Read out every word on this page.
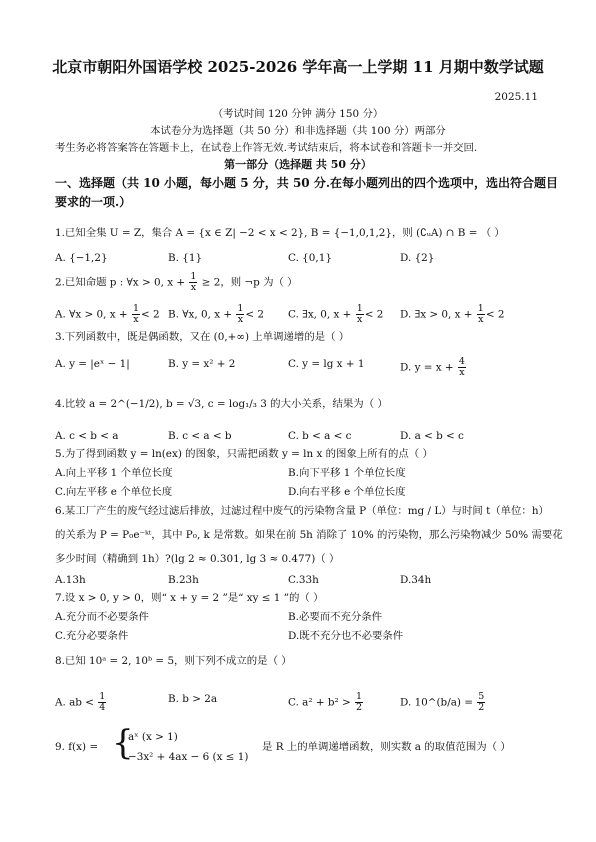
北京市朝阳外国语学校 2025-2026 学年高一上学期 11 月期中数学试题
2025.11
（考试时间 120 分钟 满分 150 分）
本试卷分为选择题（共 50 分）和非选择题（共 100 分）两部分
考生务必将答案答在答题卡上，在试卷上作答无效.考试结束后，将本试卷和答题卡一并交回.
第一部分（选择题 共 50 分）
一、选择题（共 10 小题，每小题 5 分，共 50 分.在每小题列出的四个选项中，选出符合题目
要求的一项.）
1.已知全集 U = Z，集合 A = {x ∈ Z| −2 < x < 2}, B = {−1,0,1,2}，则 (∁ᵤA) ∩ B = （ ）
A. {−1,2}	B. {1}	C. {0,1}	D. {2}
2.已知命题 p : ∀x > 0, $x + \frac{1}{x} \ge 2$，则 ¬p 为（ ）
A. ∀x > 0, $x + \frac{1}{x} < 2$ B. ∀x, 0, $x + \frac{1}{x} < 2$ C. ∃x, 0, $x + \frac{1}{x} < 2$ D. ∃x > 0, $x + \frac{1}{x} < 2$
3.下列函数中，既是偶函数，又在 (0,+∞) 上单调递增的是（ ）
A. y = |eˣ − 1|	B. y = x² + 2	C. y = lg x + 1	D. $y = x + \frac{4}{x}$
4.比较 a = 2^(−1/2), b = √3, c = log₁/₃ 3 的大小关系，结果为（ ）
A. c < b < a	B. c < a < b	C. b < a < c	D. a < b < c
5.为了得到函数 y = ln(ex) 的图象，只需把函数 y = ln x 的图象上所有的点（ ）
A.向上平移 1 个单位长度	B.向下平移 1 个单位长度
C.向左平移 e 个单位长度	D.向右平移 e 个单位长度
6.某工厂产生的废气经过滤后排放，过滤过程中废气的污染物含量 P（单位：mg / L）与时间 t（单位：h）
的关系为 P = P₀e⁻ᵏᵗ，其中 P₀, k 是常数。如果在前 5h 消除了 10% 的污染物，那么污染物减少 50% 需要花
多少时间（精确到 1h）?(lg 2 ≈ 0.301, lg 3 ≈ 0.477)（ ）
A.13h	B.23h	C.33h	D.34h
7.设 x > 0, y > 0，则“ x + y = 2 ”是“ xy ≤ 1 ”的（ ）
A.充分而不必要条件	B.必要而不充分条件
C.充分必要条件	D.既不充分也不必要条件
8.已知 10ᵃ = 2, 10ᵇ = 5，则下列不成立的是（ ）
A. ab < $\frac{1}{4}$	B. b > 2a	C. $a^2 + b^2 > \frac{1}{2}$	D. 10^(b/a) = $\frac{5}{2}$
9. f(x) = {
aˣ (x > 1)
−3x² + 4ax − 6 (x ≤ 1)
是 R 上的单调递增函数，则实数 a 的取值范围为（ ）
